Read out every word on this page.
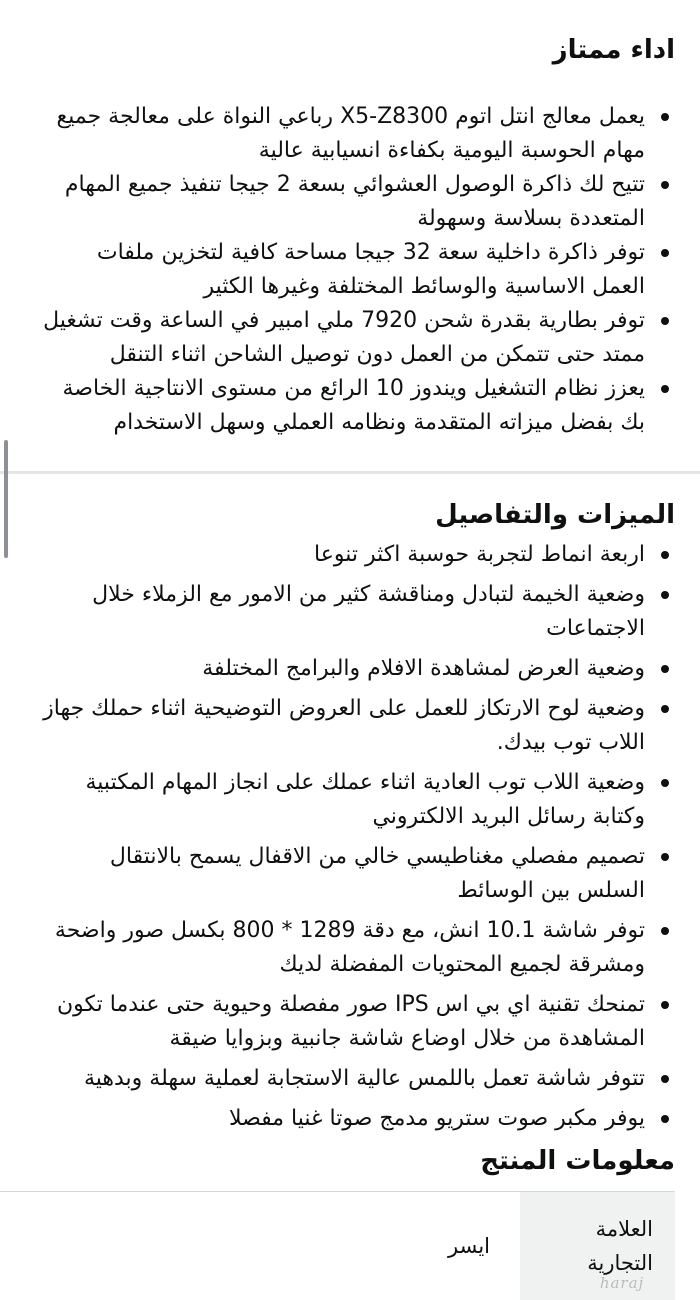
اداء ممتاز
يعمل معالج انتل اتوم X5-Z8300 رباعي النواة على معالجة جميع مهام الحوسبة اليومية بكفاءة انسيابية عالية
تتيح لك ذاكرة الوصول العشوائي بسعة 2 جيجا تنفيذ جميع المهام المتعددة بسلاسة وسهولة
توفر ذاكرة داخلية سعة 32 جيجا مساحة كافية لتخزين ملفات العمل الاساسية والوسائط المختلفة وغيرها الكثير
توفر بطارية بقدرة شحن 7920 ملي امبير في الساعة وقت تشغيل ممتد حتى تتمكن من العمل دون توصيل الشاحن اثناء التنقل
يعزز نظام التشغيل ويندوز 10 الرائع من مستوى الانتاجية الخاصة بك بفضل ميزاته المتقدمة ونظامه العملي وسهل الاستخدام
الميزات والتفاصيل
اربعة انماط لتجربة حوسبة اكثر تنوعا
وضعية الخيمة لتبادل ومناقشة كثير من الامور مع الزملاء خلال الاجتماعات
وضعية العرض لمشاهدة الافلام والبرامج المختلفة
وضعية لوح الارتكاز للعمل على العروض التوضيحية اثناء حملك جهاز اللاب توب بيدك.
وضعية اللاب توب العادية اثناء عملك على انجاز المهام المكتبية وكتابة رسائل البريد الالكتروني
تصميم مفصلي مغناطيسي خالي من الاقفال يسمح بالانتقال السلس بين الوسائط
توفر شاشة 10.1 انش، مع دقة 1289 * 800 بكسل صور واضحة ومشرقة لجميع المحتويات المفضلة لديك
تمنحك تقنية اي بي اس IPS صور مفصلة وحيوية حتى عندما تكون المشاهدة من خلال اوضاع شاشة جانبية وبزوايا ضيقة
تتوفر شاشة تعمل باللمس عالية الاستجابة لعملية سهلة وبدهية
يوفر مكبر صوت ستريو مدمج صوتا غنيا مفصلا
معلومات المنتج
العلامة التجارية
ايسر
haraj
